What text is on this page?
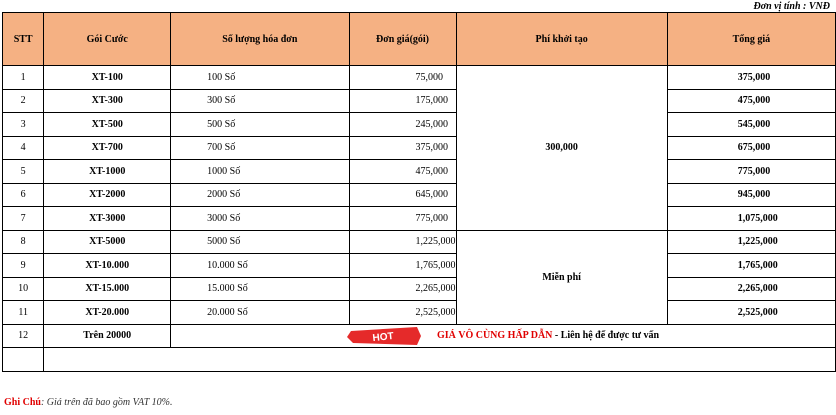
Đơn vị tính : VNĐ
STT	Gói Cước	Số lượng hóa đơn	Đơn giá(gói)	Phí khởi tạo	Tổng giá
1	XT-100	100 Số	75,000	300,000	375,000
2	XT-300	300 Số	175,000		475,000
3	XT-500	500 Số	245,000		545,000
4	XT-700	700 Số	375,000		675,000
5	XT-1000	1000 Số	475,000		775,000
6	XT-2000	2000 Số	645,000		945,000
7	XT-3000	3000 Số	775,000		1,075,000
8	XT-5000	5000 Số	1,225,000	Miễn phí	1,225,000
9	XT-10.000	10.000 Số	1,765,000		1,765,000
10	XT-15.000	15.000 Số	2,265,000		2,265,000
11	XT-20.000	20.000 Số	2,525,000		2,525,000
12	Trên 20000	HOT GIÁ VÔ CÙNG HẤP DẪN - Liên hệ để được tư vấn			

Ghi Chú: Giá trên đã bao gồm VAT 10%.
